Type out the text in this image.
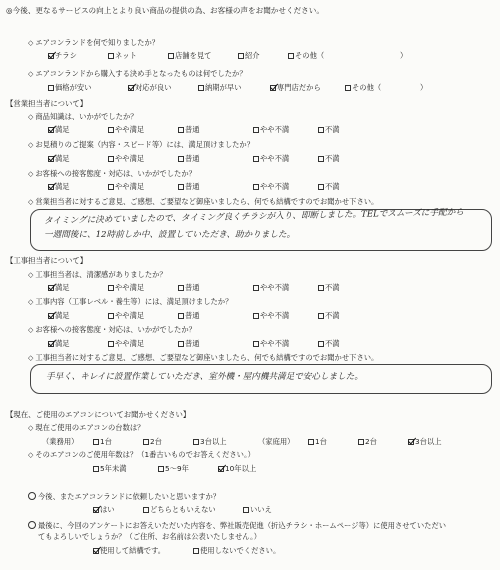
◎今後、更なるサービスの向上とより良い商品の提供の為、お客様の声をお聞かせください。
◇ エアコンランドを何で知りましたか？
チラシ	ネット	店舗を見て	紹介	その他（	）
◇ エアコンランドから購入する決め手となったものは何でしたか？
価格が安い	対応が良い	納期が早い	専門店だから	その他（	）
【営業担当者について】
◇ 商品知識は、いかがでしたか？
満足	やや満足	普通	やや不満	不満
◇ お見積りのご提案（内容・スピード等）には、満足頂けましたか？
満足	やや満足	普通	やや不満	不満
◇ お客様への接客態度・対応は、いかがでしたか？
満足	やや満足	普通	やや不満	不満
◇ 営業担当者に対するご意見、ご感想、ご要望など御座いましたら、何でも結構ですのでお聞かせ下さい。
タイミングに決めていましたので、タイミング良くチラシが入り、即断しました。TELでスムーズに手配から
一週間後に、12時前しか中、設置していただき、助かりました。
【工事担当者について】
◇ 工事担当者は、清潔感がありましたか？
満足	やや満足	普通	やや不満	不満
◇ 工事内容（工事レベル・養生等）には、満足頂けましたか？
満足	やや満足	普通	やや不満	不満
◇ お客様への接客態度・対応は、いかがでしたか？
満足	やや満足	普通	やや不満	不満
◇ 工事担当者に対するご意見、ご感想、ご要望など御座いましたら、何でも結構ですのでお聞かせ下さい。
手早く、キレイに設置作業していただき、室外機・屋内機共満足で安心しました。
【現在、ご使用のエアコンについてお聞かせください】
◇ 現在ご使用のエアコンの台数は？
（業務用）	1台	2台	3台以上	（家庭用）	1台	2台	3台以上
◇ そのエアコンのご使用年数は？（1番古いものでお答えください。）
5年未満	5～9年	10年以上
今後、またエアコンランドに依頼したいと思いますか？
はい	どちらともいえない	いいえ
最後に、今回のアンケートにお答えいただいた内容を、弊社販売促進（折込チラシ・ホームページ等）に使用させていただい
てもよろしいでしょうか？（ご住所、お名前は公表いたしません。）
使用して結構です。	使用しないでください。
